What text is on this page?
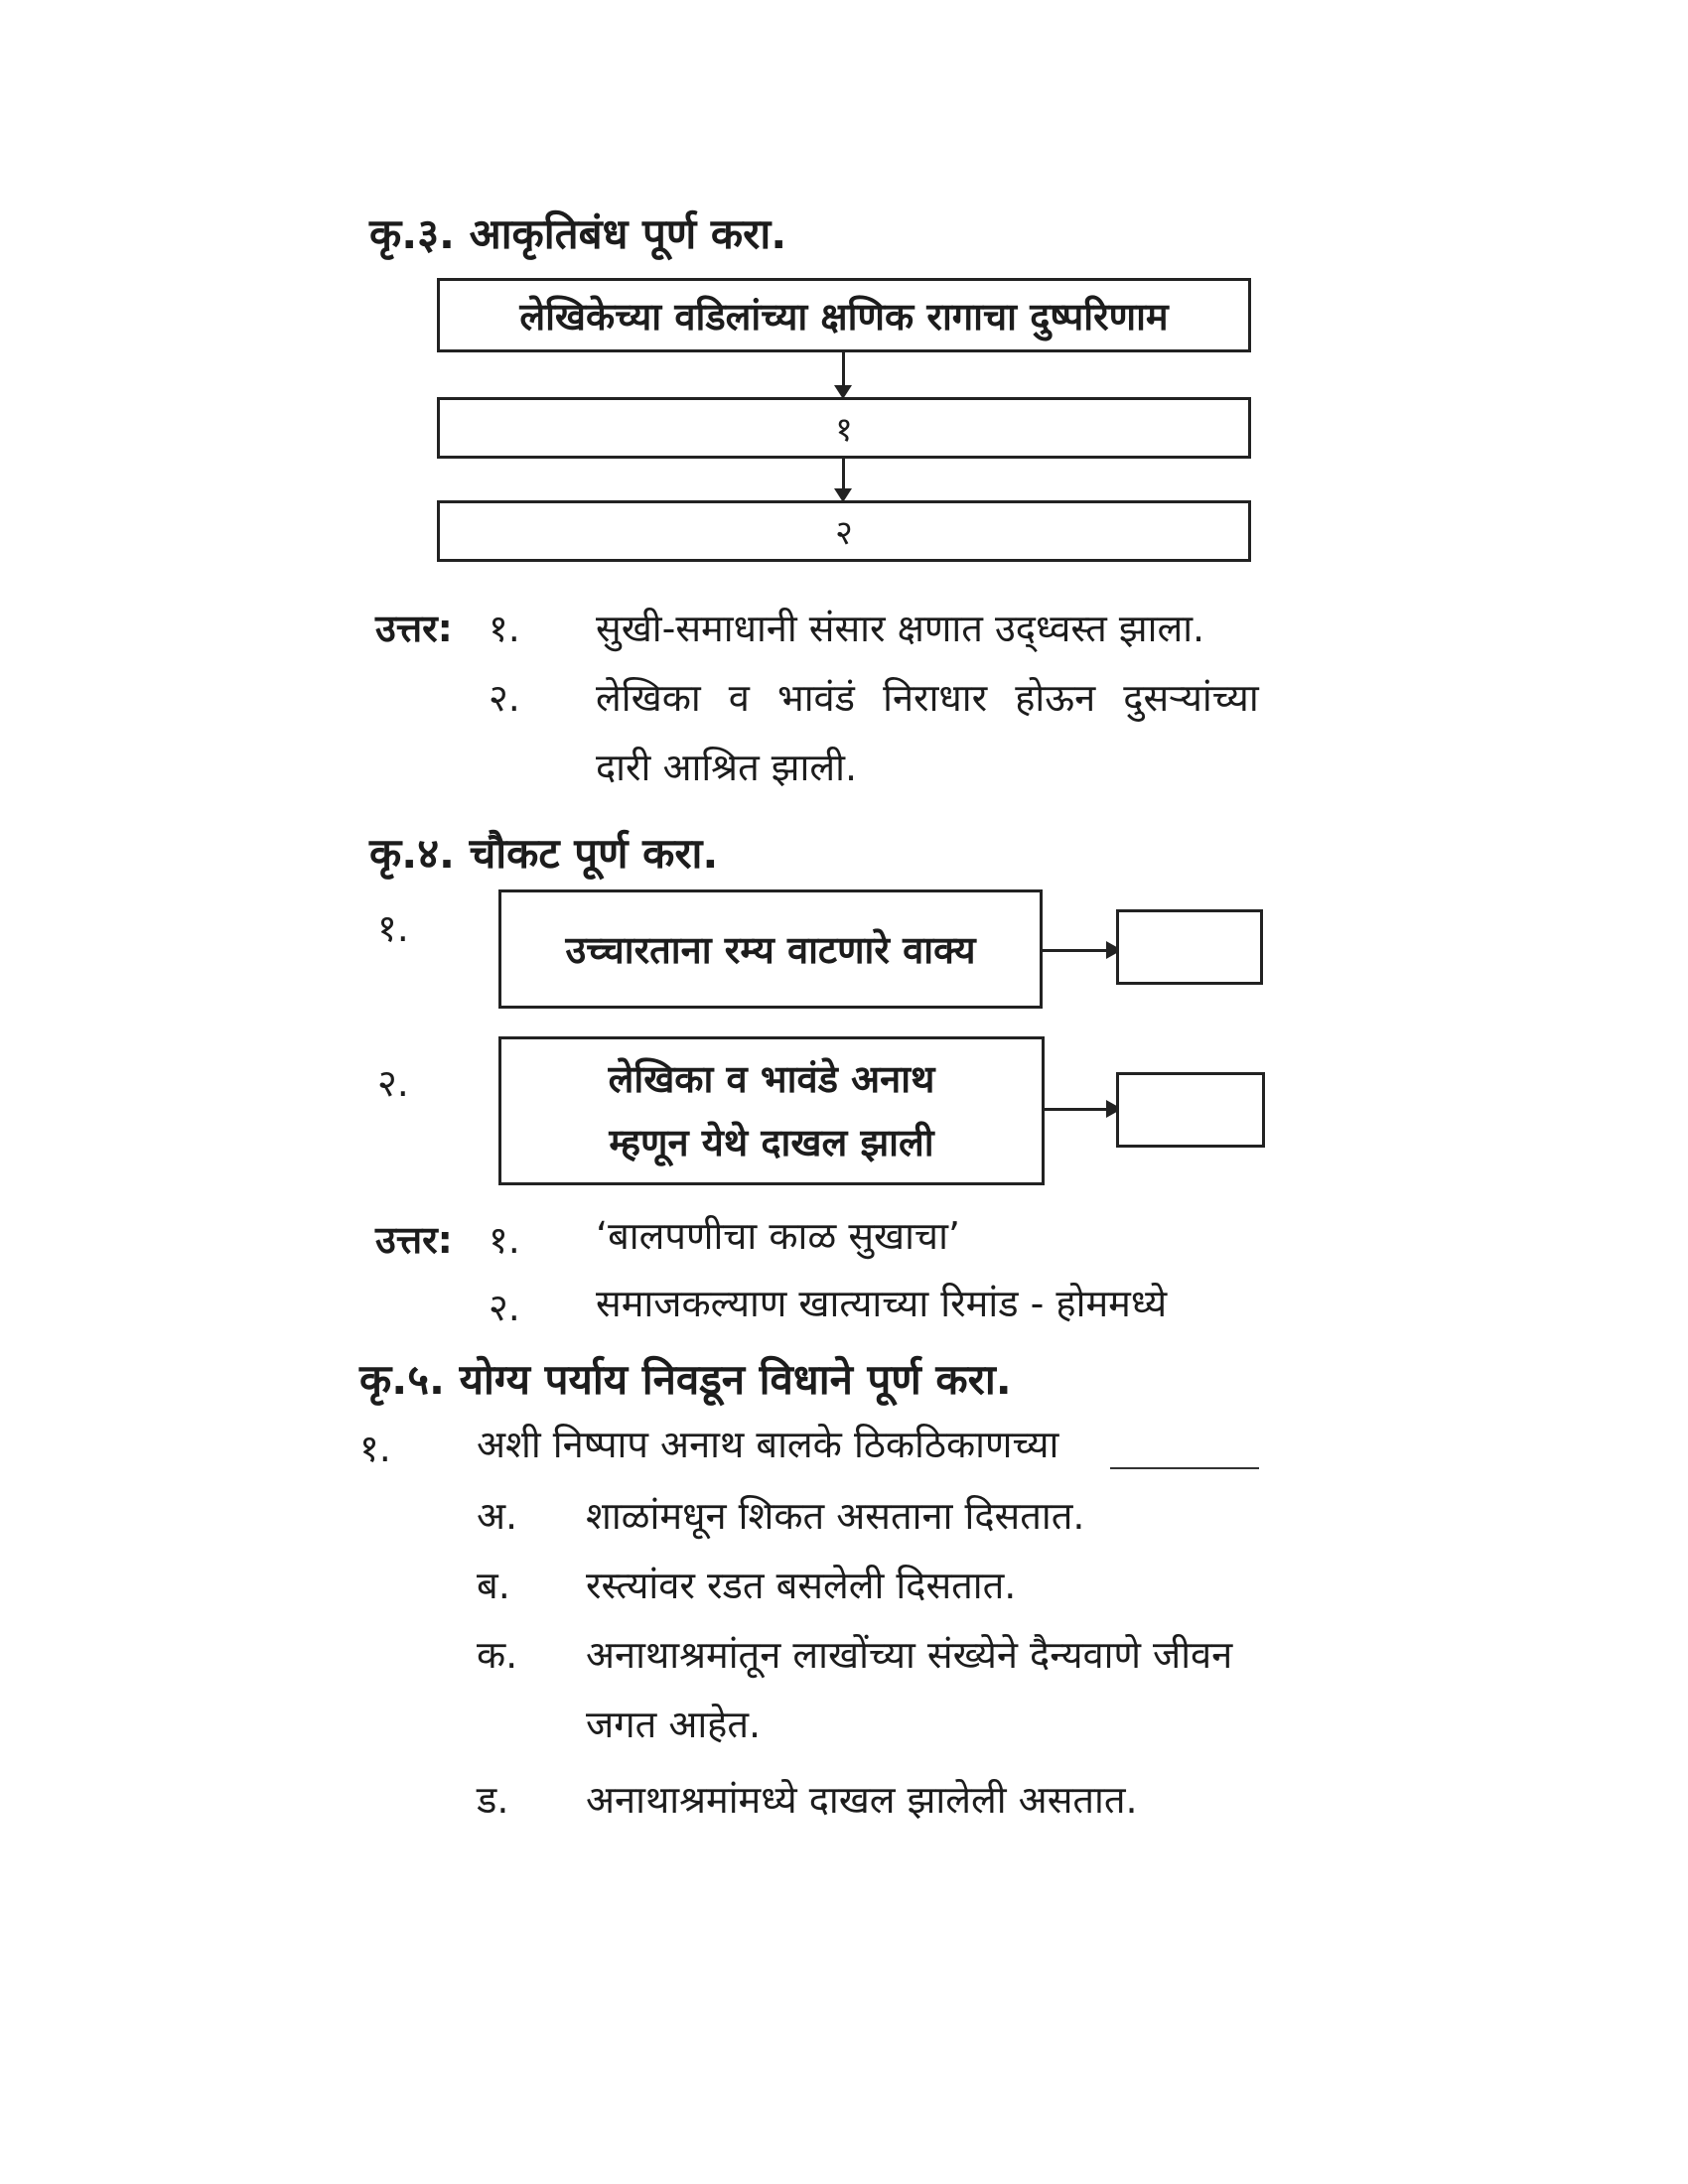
कृ.३. आकृतिबंध पूर्ण करा.
लेखिकेच्या वडिलांच्या क्षणिक रागाचा दुष्परिणाम
१
२
उत्तर: १. सुखी-समाधानी संसार क्षणात उद्ध्वस्त झाला.
२. लेखिका व भावंडं निराधार होऊन दुसऱ्यांच्या
दारी आश्रित झाली.
कृ.४. चौकट पूर्ण करा.
१.	उच्चारताना रम्य वाटणारे वाक्य
२.	लेखिका व भावंडे अनाथ
म्हणून येथे दाखल झाली
उत्तर: १. ‘बालपणीचा काळ सुखाचा’
२. समाजकल्याण खात्याच्या रिमांड - होममध्ये
कृ.५. योग्य पर्याय निवडून विधाने पूर्ण करा.
१. अशी निष्पाप अनाथ बालके ठिकठिकाणच्या
अ. शाळांमधून शिकत असताना दिसतात.
ब. रस्त्यांवर रडत बसलेली दिसतात.
क. अनाथाश्रमांतून लाखोंच्या संख्येने दैन्यवाणे जीवन
जगत आहेत.
ड. अनाथाश्रमांमध्ये दाखल झालेली असतात.
